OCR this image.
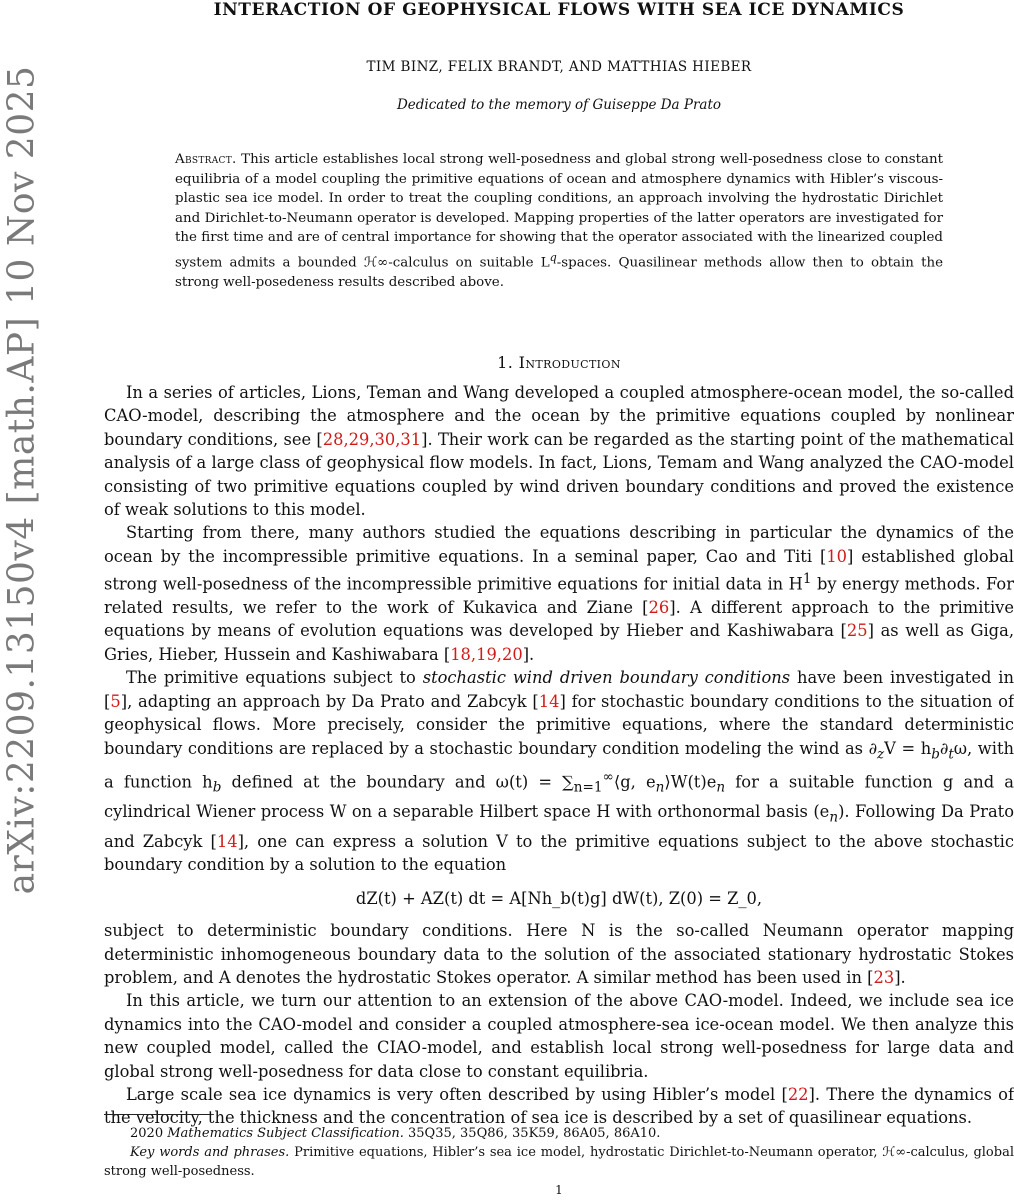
arXiv:2209.13150v4 [math.AP] 10 Nov 2025
INTERACTION OF GEOPHYSICAL FLOWS WITH SEA ICE DYNAMICS
TIM BINZ, FELIX BRANDT, AND MATTHIAS HIEBER
Dedicated to the memory of Guiseppe Da Prato
Abstract. This article establishes local strong well-posedness and global strong well-posedness close to constant equilibria of a model coupling the primitive equations of ocean and atmosphere dynamics with Hibler’s viscous-plastic sea ice model. In order to treat the coupling conditions, an approach involving the hydrostatic Dirichlet and Dirichlet-to-Neumann operator is developed. Mapping properties of the latter operators are investigated for the first time and are of central importance for showing that the operator associated with the linearized coupled system admits a bounded ℋ∞-calculus on suitable $L^q$-spaces. Quasilinear methods allow then to obtain the strong well-posedeness results described above.
1. Introduction

In a series of articles, Lions, Teman and Wang developed a coupled atmosphere-ocean model, the so-called CAO-model, describing the atmosphere and the ocean by the primitive equations coupled by nonlinear boundary conditions, see [28,29,30,31]. Their work can be regarded as the starting point of the mathematical analysis of a large class of geophysical flow models. In fact, Lions, Temam and Wang analyzed the CAO-model consisting of two primitive equations coupled by wind driven boundary conditions and proved the existence of weak solutions to this model.

Starting from there, many authors studied the equations describing in particular the dynamics of the ocean by the incompressible primitive equations. In a seminal paper, Cao and Titi [10] established global strong well-posedness of the incompressible primitive equations for initial data in $H^1$ by energy methods. For related results, we refer to the work of Kukavica and Ziane [26]. A different approach to the primitive equations by means of evolution equations was developed by Hieber and Kashiwabara [25] as well as Giga, Gries, Hieber, Hussein and Kashiwabara [18,19,20].

The primitive equations subject to stochastic wind driven boundary conditions have been investigated in [5], adapting an approach by Da Prato and Zabcyk [14] for stochastic boundary conditions to the situation of geophysical flows. More precisely, consider the primitive equations, where the standard deterministic boundary conditions are replaced by a stochastic boundary condition modeling the wind as $\partial_zV = h_b\partial_t\omega$, with a function $h_b$ defined at the boundary and $\omega(t) = \sum_{n=1}^\infty⟨g$, $e_n⟩W(t)e_n$ for a suitable function g and a cylindrical Wiener process W on a separable Hilbert space H with orthonormal basis $(e_n)$. Following Da Prato and Zabcyk [14], one can express a solution V to the primitive equations subject to the above stochastic boundary condition by a solution to the equation

dZ(t) + AZ(t) dt = A[Nh_b(t)g] dW(t), Z(0) = Z_0,

subject to deterministic boundary conditions. Here N is the so-called Neumann operator mapping deterministic inhomogeneous boundary data to the solution of the associated stationary hydrostatic Stokes problem, and A denotes the hydrostatic Stokes operator. A similar method has been used in [23].

In this article, we turn our attention to an extension of the above CAO-model. Indeed, we include sea ice dynamics into the CAO-model and consider a coupled atmosphere-sea ice-ocean model. We then analyze this new coupled model, called the CIAO-model, and establish local strong well-posedness for large data and global strong well-posedness for data close to constant equilibria.

Large scale sea ice dynamics is very often described by using Hibler’s model [22]. There the dynamics of the velocity, the thickness and the concentration of sea ice is described by a set of quasilinear equations.

2020 Mathematics Subject Classification. 35Q35, 35Q86, 35K59, 86A05, 86A10.

Key words and phrases. Primitive equations, Hibler’s sea ice model, hydrostatic Dirichlet-to-Neumann operator, ℋ∞-calculus, global strong well-posedness.

1
